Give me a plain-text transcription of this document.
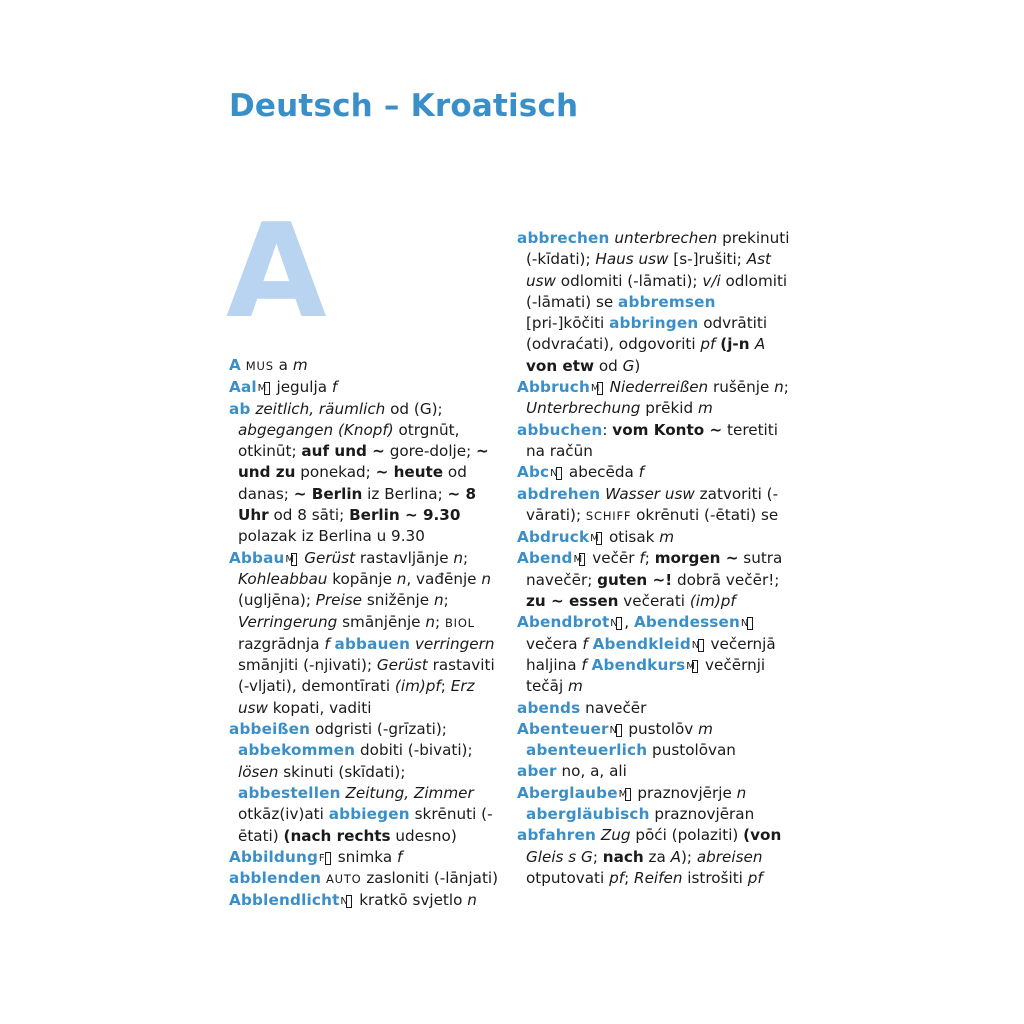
Deutsch – Kroatisch
A

A MUS a m

Aal M jegulja f

ab zeitlich, räumlich od (G); abgegangen (Knopf) otrgnūt, otkinūt; auf und ~ gore-dolje; ~ und zu ponekad; ~ heute od danas; ~ Berlin iz Berlina; ~ 8 Uhr od 8 sāti; Berlin ~ 9.30 polazak iz Berlina u 9.30

Abbau M Gerüst rastavljānje n; Kohleabbau kopānje n, vađēnje n (ugljēna); Preise snižēnje n; Verringerung smānjēnje n; BIOL razgrādnja f abbauen verringern smānjiti (-njivati); Gerüst rastaviti (-vljati), demontīrati (im)pf; Erz usw kopati, vaditi

abbeißen odgristi (-grīzati); abbekommen dobiti (-bivati); lösen skinuti (skīdati); abbestellen Zeitung, Zimmer otkāz(iv)ati abbiegen skrēnuti (-ētati) (nach rechts udesno)

Abbildung F snimka f

abblenden AUTO zasloniti (-lānjati)

Abblendlicht N kratkō svjetlo n

abbrechen unterbrechen prekinuti (-kīdati); Haus usw [s-]rušiti; Ast usw odlomiti (-lāmati); v/i odlomiti (-lāmati) se abbremsen [pri-]kōčiti abbringen odvrātiti (odvraćati), odgovoriti pf (j-n A von etw od G)

Abbruch M Niederreißen rušēnje n; Unterbrechung prēkid m

abbuchen: vom Konto ~ teretiti na račūn

Abc N abecēda f

abdrehen Wasser usw zatvoriti (-vārati); SCHIFF okrēnuti (-ētati) se

Abdruck M otisak m

Abend M večēr f; morgen ~ sutra navečēr; guten ~! dobrā večēr!; zu ~ essen večerati (im)pf

Abendbrot N , Abendessen N večera f Abendkleid N večernjā haljina f Abendkurs M večērnji tečāj m

abends navečēr

Abenteuer N pustolōv m abenteuerlich pustolōvan

aber no, a, ali

Aberglaube M praznovjērje n abergläubisch praznovjēran

abfahren Zug pōći (polaziti) (von Gleis s G; nach za A); abreisen otputovati pf; Reifen istrošiti pf
